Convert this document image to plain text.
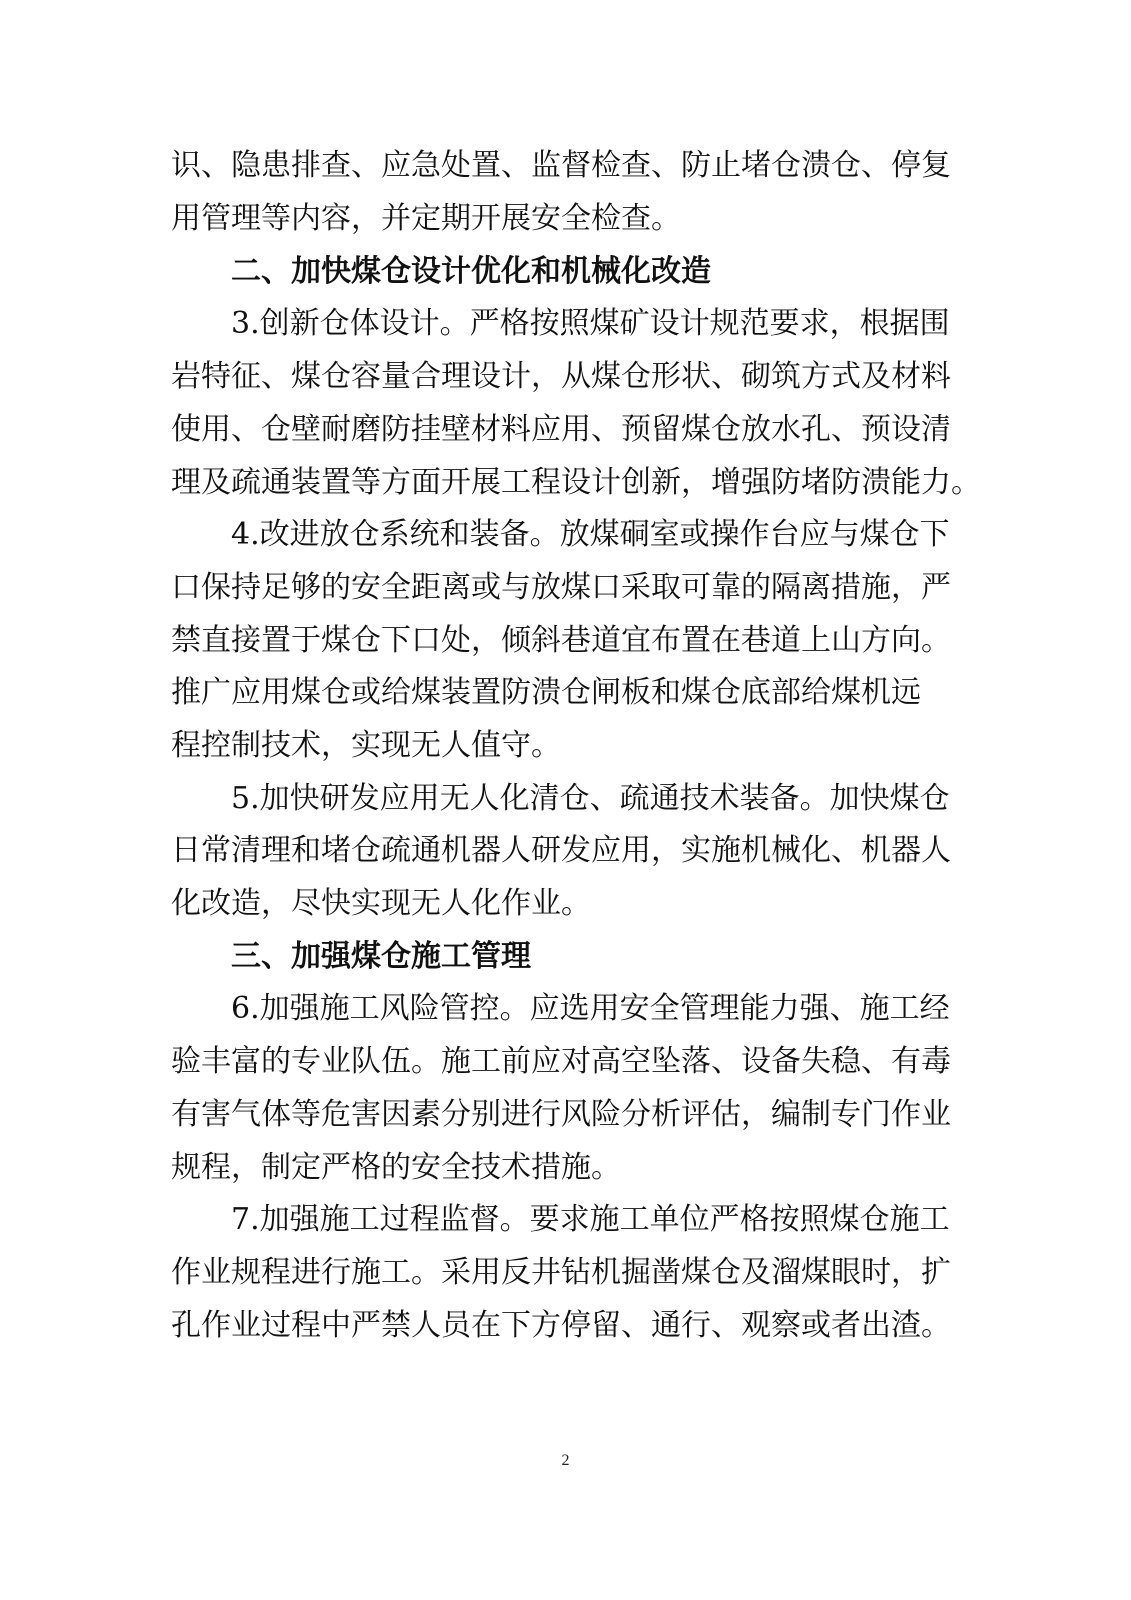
识、隐患排查、应急处置、监督检查、防止堵仓溃仓、停复
用管理等内容，并定期开展安全检查。
二、加快煤仓设计优化和机械化改造
3.创新仓体设计。严格按照煤矿设计规范要求，根据围
岩特征、煤仓容量合理设计，从煤仓形状、砌筑方式及材料
使用、仓壁耐磨防挂壁材料应用、预留煤仓放水孔、预设清
理及疏通装置等方面开展工程设计创新，增强防堵防溃能力。
4.改进放仓系统和装备。放煤硐室或操作台应与煤仓下
口保持足够的安全距离或与放煤口采取可靠的隔离措施，严
禁直接置于煤仓下口处，倾斜巷道宜布置在巷道上山方向。
推广应用煤仓或给煤装置防溃仓闸板和煤仓底部给煤机远
程控制技术，实现无人值守。
5.加快研发应用无人化清仓、疏通技术装备。加快煤仓
日常清理和堵仓疏通机器人研发应用，实施机械化、机器人
化改造，尽快实现无人化作业。
三、加强煤仓施工管理
6.加强施工风险管控。应选用安全管理能力强、施工经
验丰富的专业队伍。施工前应对高空坠落、设备失稳、有毒
有害气体等危害因素分别进行风险分析评估，编制专门作业
规程，制定严格的安全技术措施。
7.加强施工过程监督。要求施工单位严格按照煤仓施工
作业规程进行施工。采用反井钻机掘凿煤仓及溜煤眼时，扩
孔作业过程中严禁人员在下方停留、通行、观察或者出渣。
2
